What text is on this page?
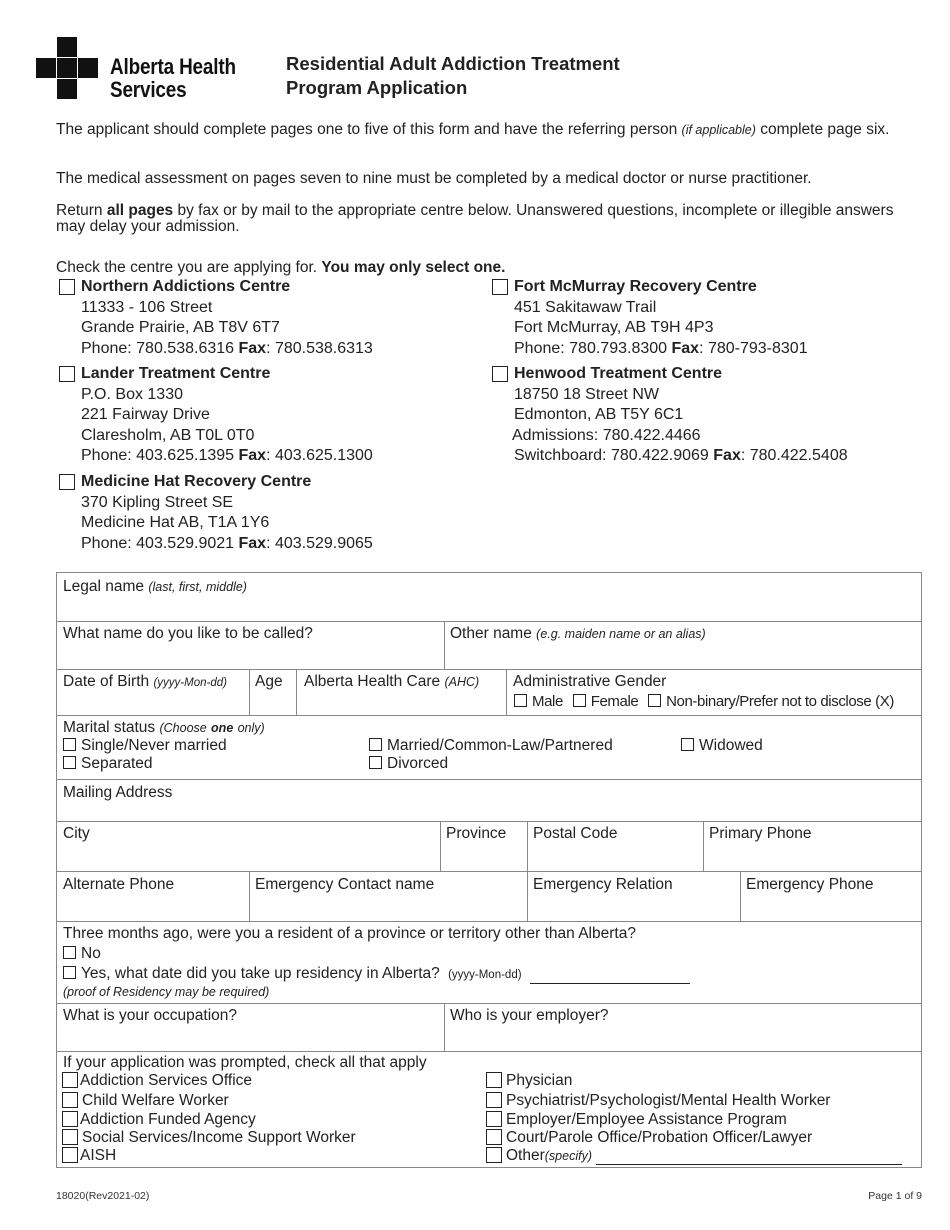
Alberta Health
Services
Residential Adult Addiction Treatment
Program Application
The applicant should complete pages one to five of this form and have the referring person (if applicable) complete page six.
The medical assessment on pages seven to nine must be completed by a medical doctor or nurse practitioner.
Return all pages by fax or by mail to the appropriate centre below. Unanswered questions, incomplete or illegible answers may delay your admission.
Check the centre you are applying for. You may only select one.
Northern Addictions Centre
11333 - 106 Street
Grande Prairie, AB T8V 6T7
Phone: 780.538.6316 Fax: 780.538.6313
Fort McMurray Recovery Centre
451 Sakitawaw Trail
Fort McMurray, AB T9H 4P3
Phone: 780.793.8300 Fax: 780-793-8301
Lander Treatment Centre
P.O. Box 1330
221 Fairway Drive
Claresholm, AB T0L 0T0
Phone: 403.625.1395 Fax: 403.625.1300
Henwood Treatment Centre
18750 18 Street NW
Edmonton, AB T5Y 6C1
Admissions: 780.422.4466
Switchboard: 780.422.9069 Fax: 780.422.5408
Medicine Hat Recovery Centre
370 Kipling Street SE
Medicine Hat AB, T1A 1Y6
Phone: 403.529.9021 Fax: 403.529.9065
Legal name (last, first, middle)
What name do you like to be called?	Other name (e.g. maiden name or an alias)
Date of Birth (yyyy-Mon-dd) Age Alberta Health Care (AHC) Administrative Gender
Male Female Non-binary/Prefer not to disclose (X)
Marital status (Choose one only)
Single/Never married
Separated
Married/Common-Law/Partnered
Divorced
Widowed
Mailing Address
City	Province Postal Code	Primary Phone
Alternate Phone	Emergency Contact name	Emergency Relation	Emergency Phone
Three months ago, were you a resident of a province or territory other than Alberta?
No
Yes, what date did you take up residency in Alberta? (yyyy-Mon-dd)
(proof of Residency may be required)
What is your occupation?	Who is your employer?
If your application was prompted, check all that apply
Addiction Services Office
Child Welfare Worker
Addiction Funded Agency
Social Services/Income Support Worker
AISH
Physician
Psychiatrist/Psychologist/Mental Health Worker
Employer/Employee Assistance Program
Court/Parole Office/Probation Officer/Lawyer
Other(specify)
18020(Rev2021-02)	Page 1 of 9
